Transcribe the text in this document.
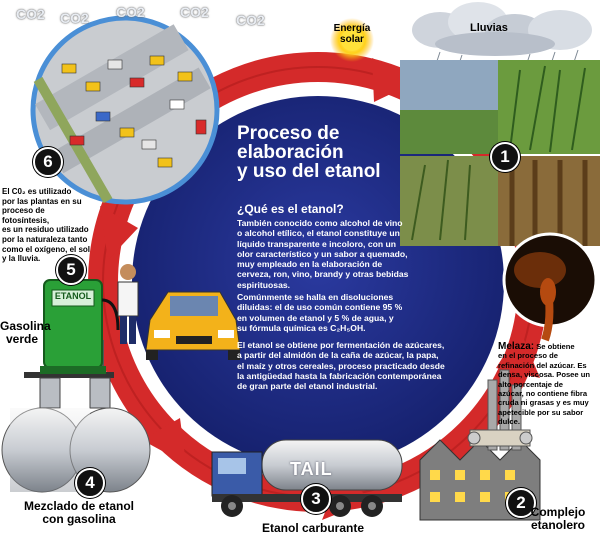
CO2 CO2 CO2	CO2 CO2
Energía
solar
Lluvias
1
2
3
4
5
6
El C0₂ es utilizado
por las plantas en su
proceso de fotosíntesis,
es un residuo utilizado
por la naturaleza tanto
como el oxígeno, el sol
y la lluvia.
ETANOL
Gasolina
verde
Mezclado de etanol
con gasolina
TAIL
Etanol carburante
Complejo
etanolero
Melaza: Se obtiene
en el proceso de
refinación del azúcar. Es
densa, viscosa. Posee un
alto porcentaje de
azúcar, no contiene fibra
cruda ni grasas y es muy
apetecible por su sabor
dulce.
Proceso de
elaboración
y uso del etanol
¿Qué es el etanol?
También conocido como alcohol de vino
o alcohol etílico, el etanol constituye un
líquido transparente e incoloro, con un
olor característico y un sabor a quemado,
muy empleado en la elaboración de
cerveza, ron, vino, brandy y otras bebidas
espirituosas.
Comúnmente se halla en disoluciones
diluidas: el de uso común contiene 95 %
en volumen de etanol y 5 % de agua, y
su fórmula química es C₂H₅OH.
El etanol se obtiene por fermentación de azúcares,
a partir del almidón de la caña de azúcar, la papa,
el maíz y otros cereales, proceso practicado desde
la antigüedad hasta la fabricación contemporánea
de gran parte del etanol industrial.
